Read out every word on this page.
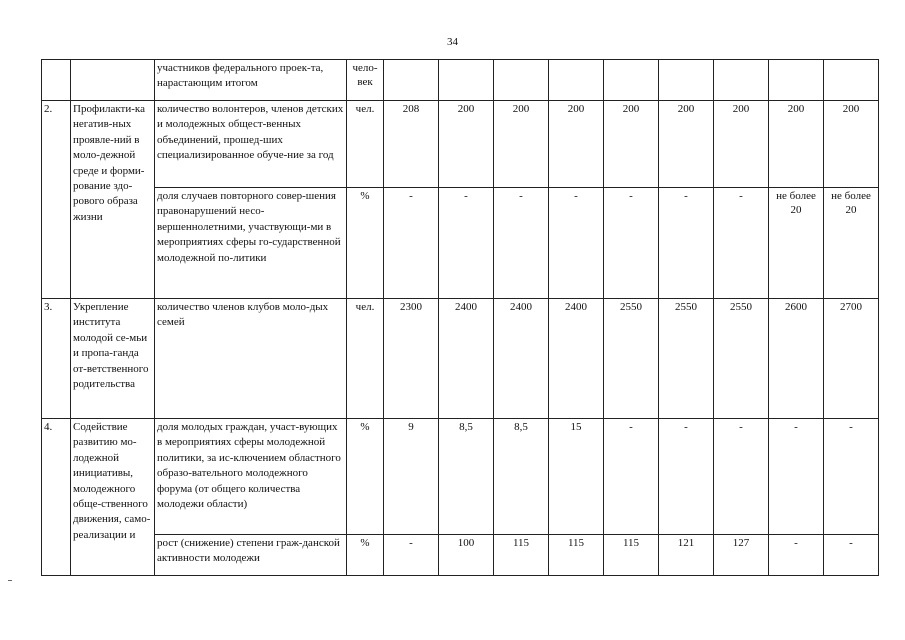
34
		участников федерального проек-та, нарастающим итогом	чело-век									
2.	Профилакти-ка негатив-ных проявле-ний в моло-дежной среде и форми-рование здо-рового образа жизни	количество волонтеров, членов детских и молодежных общест-венных объединений, прошед-ших специализированное обуче-ние за год	чел.	208	200	200	200	200	200	200	200	200
		доля случаев повторного совер-шения правонарушений несо-вершеннолетними, участвующи-ми в мероприятиях сферы го-сударственной молодежной по-литики	%	-	-	-	-	-	-	-	не более 20	не более 20
3.	Укрепление института молодой се-мьи и пропа-ганда от-ветственного родительства	количество членов клубов моло-дых семей	чел.	2300	2400	2400	2400	2550	2550	2550	2600	2700
4.	Содействие развитию мо-лодежной инициативы, молодежного обще-ственного движения, само-реализации и	доля молодых граждан, участ-вующих в мероприятиях сферы молодежной политики, за ис-ключением областного образо-вательного молодежного форума (от общего количества молодежи области)	%	9	8,5	8,5	15	-	-	-	-	-
		рост (снижение) степени граж-данской активности молодежи	%	-	100	115	115	115	121	127	-	-
